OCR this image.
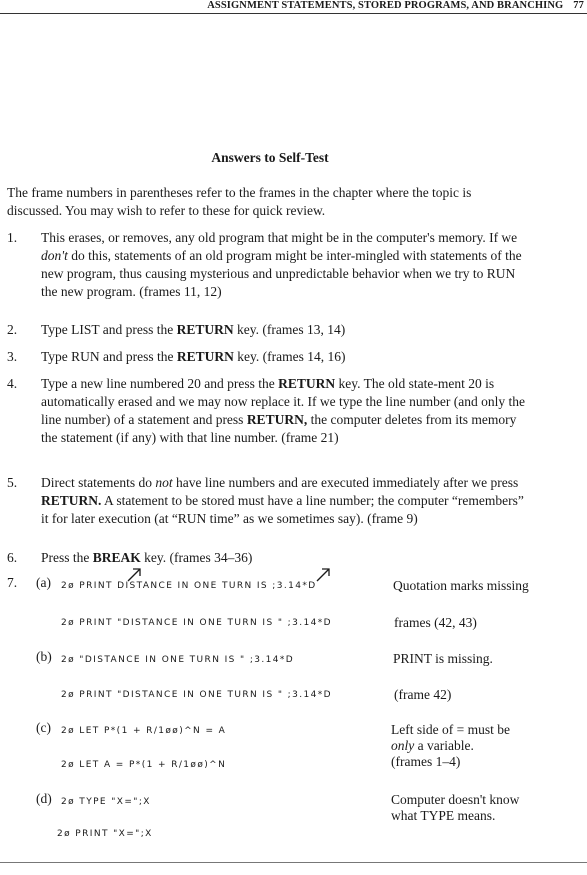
ASSIGNMENT STATEMENTS, STORED PROGRAMS, AND BRANCHING 77
Answers to Self-Test
The frame numbers in parentheses refer to the frames in the chapter where the topic is discussed. You may wish to refer to these for quick review.
1. This erases, or removes, any old program that might be in the computer's memory. If we don't do this, statements of an old program might be inter-mingled with statements of the new program, thus causing mysterious and unpredictable behavior when we try to RUN the new program. (frames 11, 12)
2. Type LIST and press the RETURN key. (frames 13, 14)
3. Type RUN and press the RETURN key. (frames 14, 16)
4. Type a new line numbered 20 and press the RETURN key. The old state-ment 20 is automatically erased and we may now replace it. If we type the line number (and only the line number) of a statement and press RETURN, the computer deletes from its memory the statement (if any) with that line number. (frame 21)
5. Direct statements do not have line numbers and are executed immediately after we press RETURN. A statement to be stored must have a line number; the computer “remembers” it for later execution (at “RUN time” as we sometimes say). (frame 9)
6. Press the BREAK key. (frames 34–36)
7. (a) 2ø PRINT DISTANCE IN ONE TURN IS ;3.14*D	Quotation marks missing
2ø PRINT "DISTANCE IN ONE TURN IS " ;3.14*D	frames (42, 43)
(b) 2ø "DISTANCE IN ONE TURN IS " ;3.14*D	PRINT is missing.
2ø PRINT "DISTANCE IN ONE TURN IS " ;3.14*D	(frame 42)
(c) 2ø LET P*(1 + R/1øø)^N = A	Left side of = must be
only a variable.
(frames 1–4)
2ø LET A = P*(1 + R/1øø)^N
(d) 2ø TYPE "X=";X	Computer doesn't know
what TYPE means.
2ø PRINT "X=";X
